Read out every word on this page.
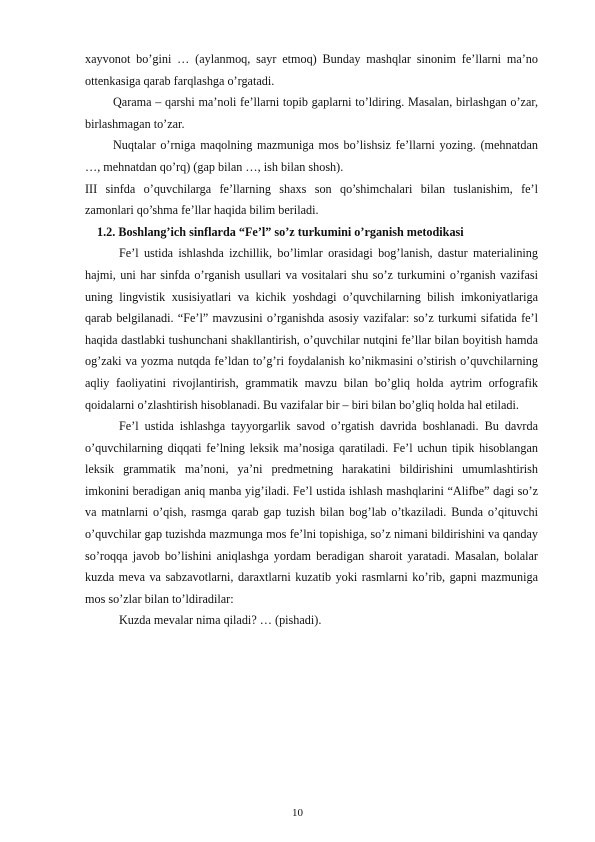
xayvonot bo’gini … (aylanmoq, sayr etmoq) Bunday mashqlar sinonim fe’llarni ma’no ottenkasiga qarab farqlashga o’rgatadi.

Qarama – qarshi ma’noli fe’llarni topib gaplarni to’ldiring. Masalan, birlashgan o’zar, birlashmagan to’zar.

Nuqtalar o’rniga maqolning mazmuniga mos bo’lishsiz fe’llarni yozing. (mehnatdan …, mehnatdan qo’rq) (gap bilan …, ish bilan shosh).

III sinfda o’quvchilarga fe’llarning shaxs son qo’shimchalari bilan tuslanishim, fe’l zamonlari qo’shma fe’llar haqida bilim beriladi.

1.2. Boshlang’ich sinflarda “Fe’l” so’z turkumini o’rganish metodikasi

Fe’l ustida ishlashda izchillik, bo’limlar orasidagi bog’lanish, dastur materialining hajmi, uni har sinfda o’rganish usullari va vositalari shu so’z turkumini o’rganish vazifasi uning lingvistik xusisiyatlari va kichik yoshdagi o’quvchilarning bilish imkoniyatlariga qarab belgilanadi. “Fe’l” mavzusini o’rganishda asosiy vazifalar: so’z turkumi sifatida fe’l haqida dastlabki tushunchani shakllantirish, o’quvchilar nutqini fe’llar bilan boyitish hamda og’zaki va yozma nutqda fe’ldan to’g’ri foydalanish ko’nikmasini o’stirish o’quvchilarning aqliy faoliyatini rivojlantirish, grammatik mavzu bilan bo’gliq holda aytrim orfografik qoidalarni o’zlashtirish hisoblanadi. Bu vazifalar bir – biri bilan bo’gliq holda hal etiladi.

Fe’l ustida ishlashga tayyorgarlik savod o’rgatish davrida boshlanadi. Bu davrda o’quvchilarning diqqati fe’lning leksik ma’nosiga qaratiladi. Fe’l uchun tipik hisoblangan leksik grammatik ma’noni, ya’ni predmetning harakatini bildirishini umumlashtirish imkonini beradigan aniq manba yig’iladi. Fe’l ustida ishlash mashqlarini “Alifbe” dagi so’z va matnlarni o’qish, rasmga qarab gap tuzish bilan bog’lab o’tkaziladi. Bunda o’qituvchi o’quvchilar gap tuzishda mazmunga mos fe’lni topishiga, so’z nimani bildirishini va qanday so’roqqa javob bo’lishini aniqlashga yordam beradigan sharoit yaratadi. Masalan, bolalar kuzda meva va sabzavotlarni, daraxtlarni kuzatib yoki rasmlarni ko’rib, gapni mazmuniga mos so’zlar bilan to’ldiradilar:

Kuzda mevalar nima qiladi? … (pishadi).

10
